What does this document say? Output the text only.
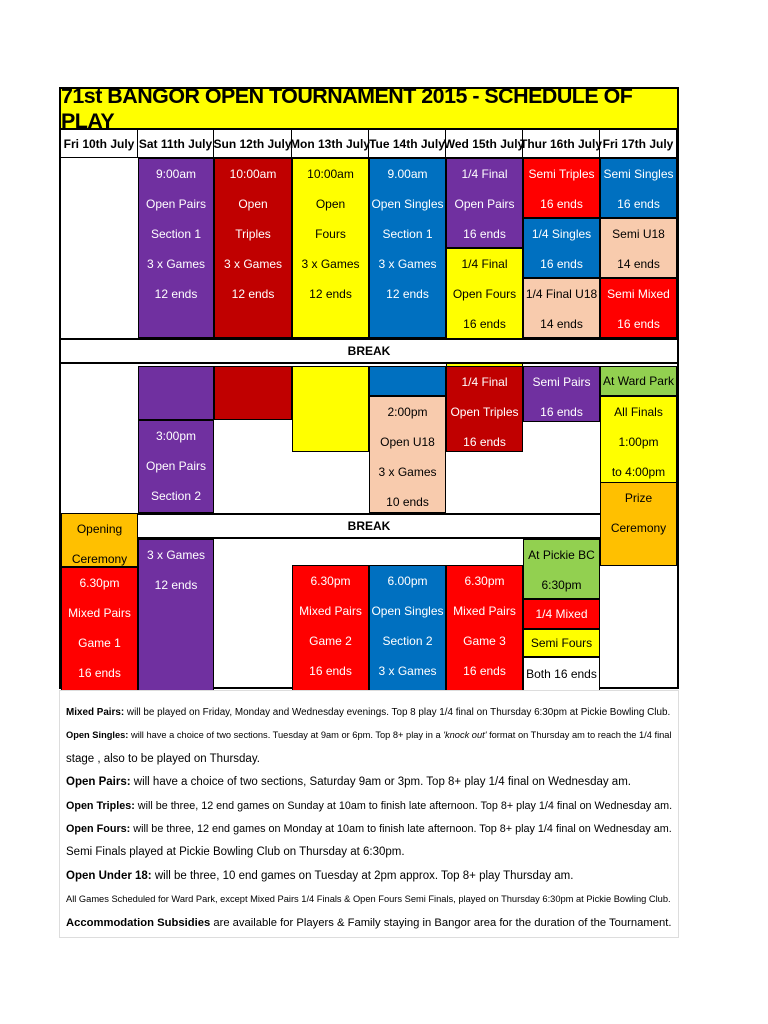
71st BANGOR OPEN TOURNAMENT 2015 - SCHEDULE OF PLAY
Fri 10th July Sat 11th July Sun 12th July
Mon 13th July Tue 14th July
Wed 15th July
Thur 16th July Fri 17th July
9:00am
Open Pairs
Section 1
3 x Games
12 ends
10:00am
Open
Triples
3 x Games
12 ends
10:00am
Open
Fours
3 x Games
12 ends
9.00am
Open Singles
Section 1
3 x Games
12 ends
1/4 Final
Open Pairs
16 ends
1/4 Final
Open Fours
16 ends
Semi Triples
16 ends
1/4 Singles
16 ends
1/4 Final U18
14 ends
Semi Singles
16 ends
Semi U18
14 ends
Semi Mixed
16 ends
2:00pm
Open U18
3 x Games
10 ends
1/4 Final
Open Triples
16 ends
Semi Pairs
16 ends
At Ward Park
All Finals
1:00pm
to 4:00pm
Prize
Ceremony
3:00pm
Open Pairs
Section 2
Opening
Ceremony 3 x Games
12 ends	6.30pm
Mixed Pairs
Game 2
16 ends
6.00pm
Open Singles
Section 2
3 x Games
12 ends
6.30pm
Mixed Pairs
Game 3
16 ends
At Pickie BC
6:30pm
1/4 Mixed
Semi Fours
Both 16 ends
6.30pm
Mixed Pairs
Game 1
16 ends
BREAK
BREAK

Mixed Pairs: will be played on Friday, Monday and Wednesday evenings. Top 8 play 1/4 final on Thursday 6:30pm at Pickie Bowling Club.

Open Singles: will have a choice of two sections. Tuesday at 9am or 6pm. Top 8+ play in a 'knock out' format on Thursday am to reach the 1/4 final

stage , also to be played on Thursday.

Open Pairs: will have a choice of two sections, Saturday 9am or 3pm. Top 8+ play 1/4 final on Wednesday am.

Open Triples: will be three, 12 end games on Sunday at 10am to finish late afternoon. Top 8+ play 1/4 final on Wednesday am.

Open Fours: will be three, 12 end games on Monday at 10am to finish late afternoon. Top 8+ play 1/4 final on Wednesday am.

Semi Finals played at Pickie Bowling Club on Thursday at 6:30pm.

Open Under 18: will be three, 10 end games on Tuesday at 2pm approx. Top 8+ play Thursday am.

All Games Scheduled for Ward Park, except Mixed Pairs 1/4 Finals & Open Fours Semi Finals, played on Thursday 6:30pm at Pickie Bowling Club.

Accommodation Subsidies are available for Players & Family staying in Bangor area for the duration of the Tournament.
